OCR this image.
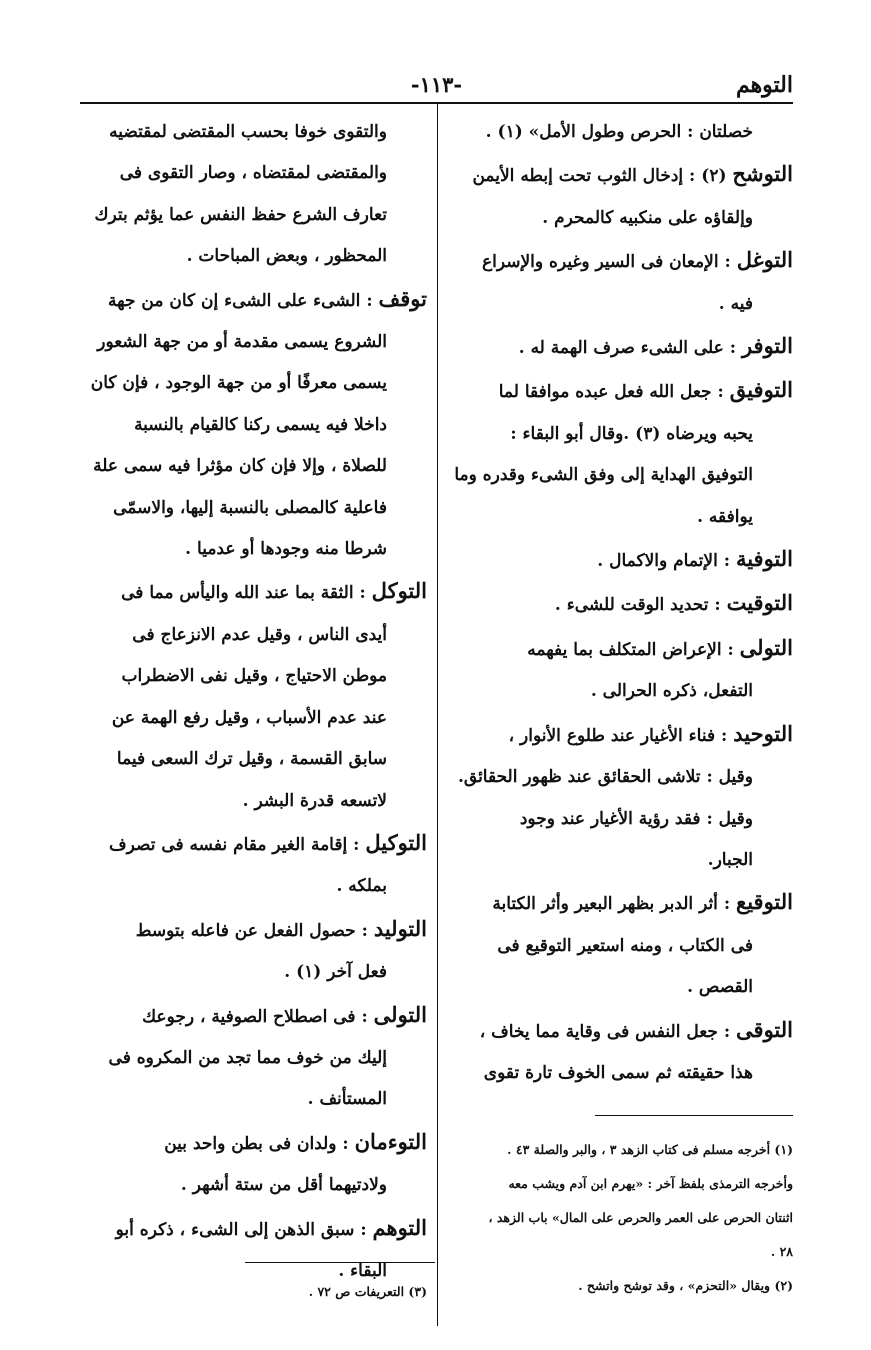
التوهم
-١١٣-

خصلتان : الحرص وطول الأمل» (١) .

التوشح (٢) : إدخال الثوب تحت إبطه الأيمن

وإلقاؤه على منكبيه كالمحرم .

التوغل : الإمعان فى السير وغيره والإسراع

فيه .

التوفر : على الشىء صرف الهمة له .

التوفيق : جعل الله فعل عبده موافقا لما

يحبه ويرضاه (٣) .وقال أبو البقاء :

التوفيق الهداية إلى وفق الشىء وقدره وما

يوافقه .

التوفية : الإتمام والاكمال .

التوقيت : تحديد الوقت للشىء .

التولى : الإعراض المتكلف بما يفهمه

التفعل، ذكره الحرالى .

التوحيد : فناء الأغيار عند طلوع الأنوار ،

وقيل : تلاشى الحقائق عند ظهور الحقائق.

وقيل : فقد رؤية الأغيار عند وجود

الجبار.

التوقيع : أثر الدبر بظهر البعير وأثر الكتابة

فى الكتاب ، ومنه استعير التوقيع فى

القصص .

التوقى : جعل النفس فى وقاية مما يخاف ،

هذا حقيقته ثم سمى الخوف تارة تقوى

والتقوى خوفا بحسب المقتضى لمقتضيه

والمقتضى لمقتضاه ، وصار التقوى فى

تعارف الشرع حفظ النفس عما يؤثم بترك

المحظور ، وبعض المباحات .

توقف : الشىء على الشىء إن كان من جهة

الشروع يسمى مقدمة أو من جهة الشعور

يسمى معرفًا أو من جهة الوجود ، فإن كان

داخلا فيه يسمى ركنا كالقيام بالنسبة

للصلاة ، وإلا فإن كان مؤثرا فيه سمى علة

فاعلية كالمصلى بالنسبة إليها، والاسمّى

شرطا منه وجودها أو عدميا .

التوكل : الثقة بما عند الله واليأس مما فى

أيدى الناس ، وقيل عدم الانزعاج فى

موطن الاحتياج ، وقيل نفى الاضطراب

عند عدم الأسباب ، وقيل رفع الهمة عن

سابق القسمة ، وقيل ترك السعى فيما

لاتسعه قدرة البشر .

التوكيل : إقامة الغير مقام نفسه فى تصرف

بملكه .

التوليد : حصول الفعل عن فاعله بتوسط

فعل آخر (١) .

التولى : فى اصطلاح الصوفية ، رجوعك

إليك من خوف مما تجد من المكروه فى

المستأنف .

التوءمان : ولدان فى بطن واحد بين

ولادتيهما أقل من ستة أشهر .

التوهم : سبق الذهن إلى الشىء ، ذكره أبو

البقاء .

(١) أخرجه مسلم فى كتاب الزهد ٣ ، والبر والصلة ٤٣ .

وأخرجه الترمذى بلفظ آخر : «يهرم ابن آدم ويشب معه

اثنتان الحرص على العمر والحرص على المال» باب الزهد ،

٢٨ .

(٢) ويقال «التحزم» ، وقد توشح واتشح .

(٣) التعريفات ص ٧٢ .
